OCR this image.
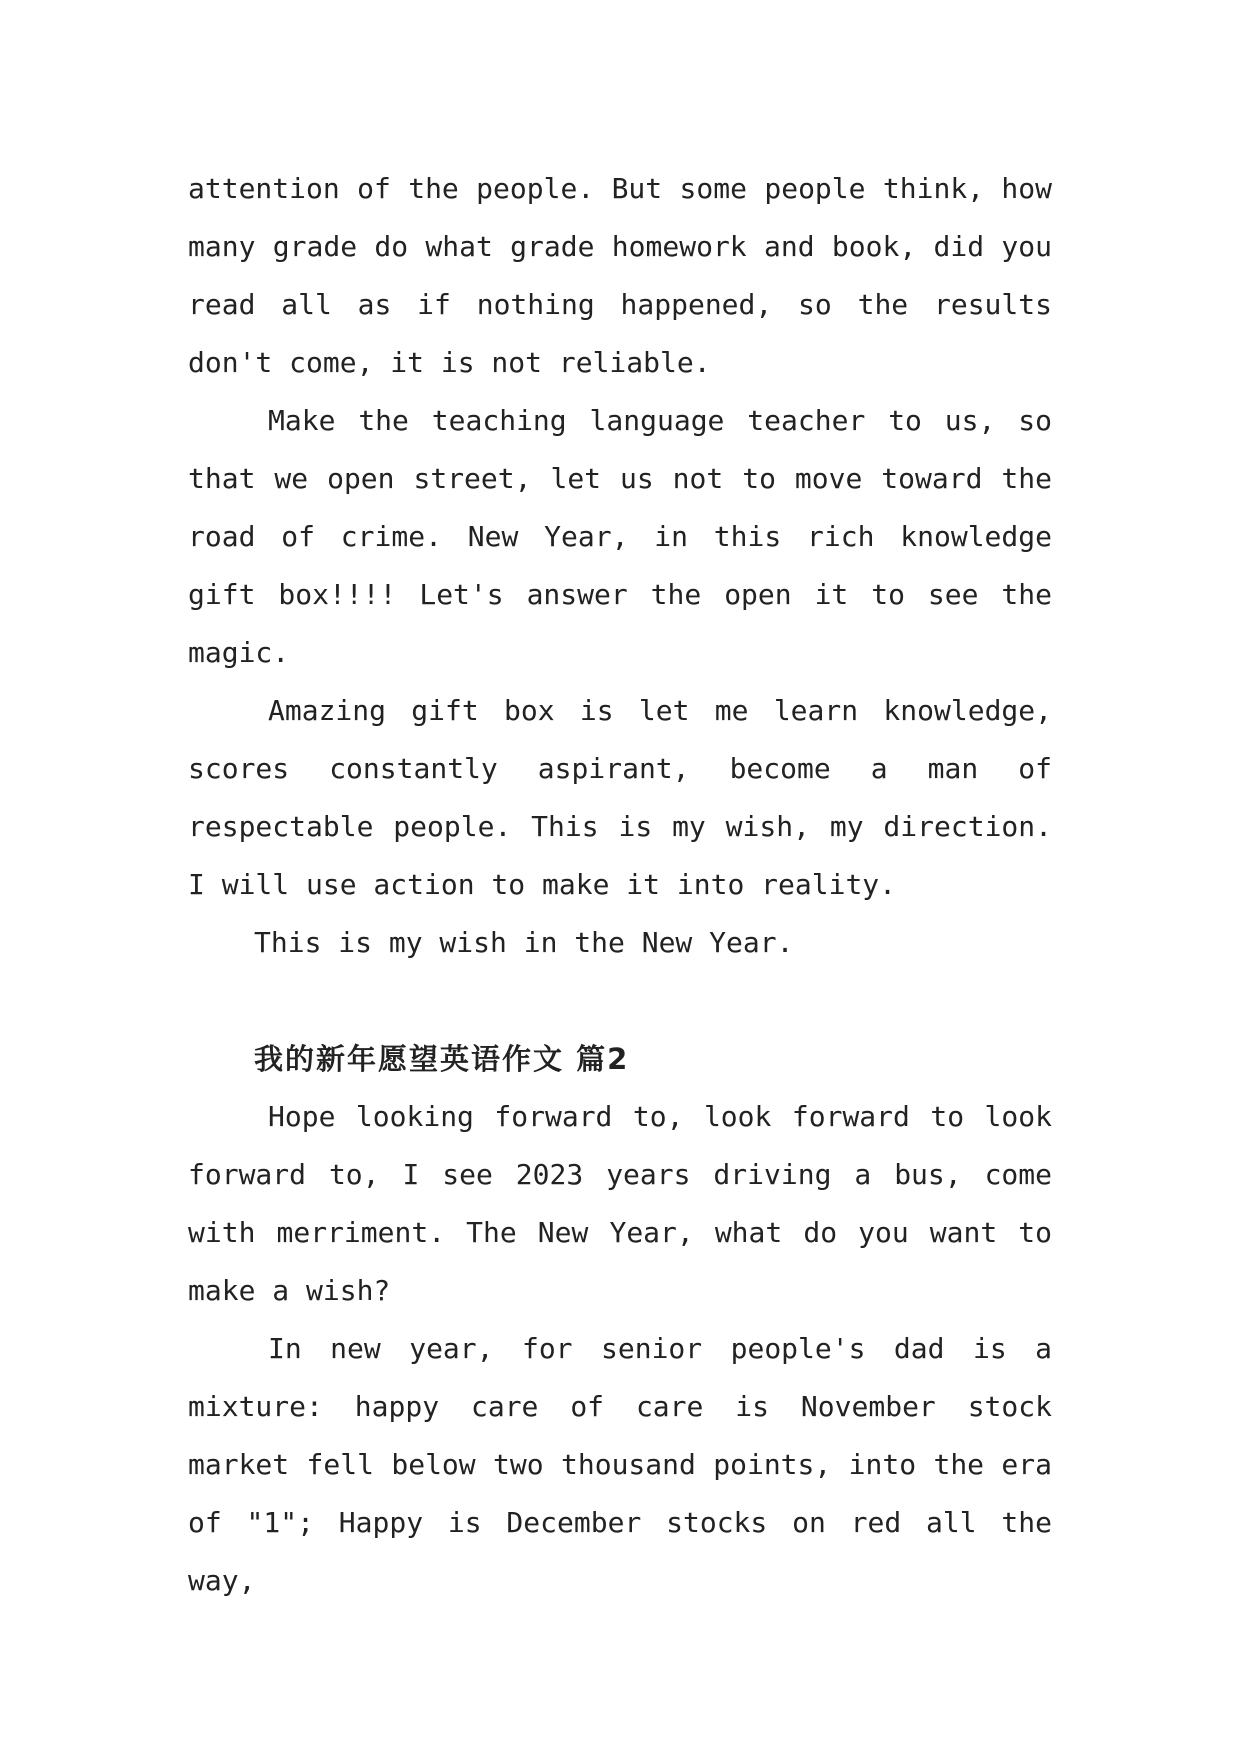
attention of the people. But some people think, how many grade do what grade homework and book, did you read all as if nothing happened, so the results don't come, it is not reliable.

Make the teaching language teacher to us, so that we open street, let us not to move toward the road of crime. New Year, in this rich knowledge gift box!!!! Let's answer the open it to see the magic.

Amazing gift box is let me learn knowledge, scores constantly aspirant, become a man of respectable people. This is my wish, my direction. I will use action to make it into reality.

This is my wish in the New Year.

我的新年愿望英语作文 篇2

Hope looking forward to, look forward to look forward to, I see 2023 years driving a bus, come with merriment. The New Year, what do you want to make a wish?

In new year, for senior people's dad is a mixture: happy care of care is November stock market fell below two thousand points, into the era of "1"; Happy is December stocks on red all the way,
